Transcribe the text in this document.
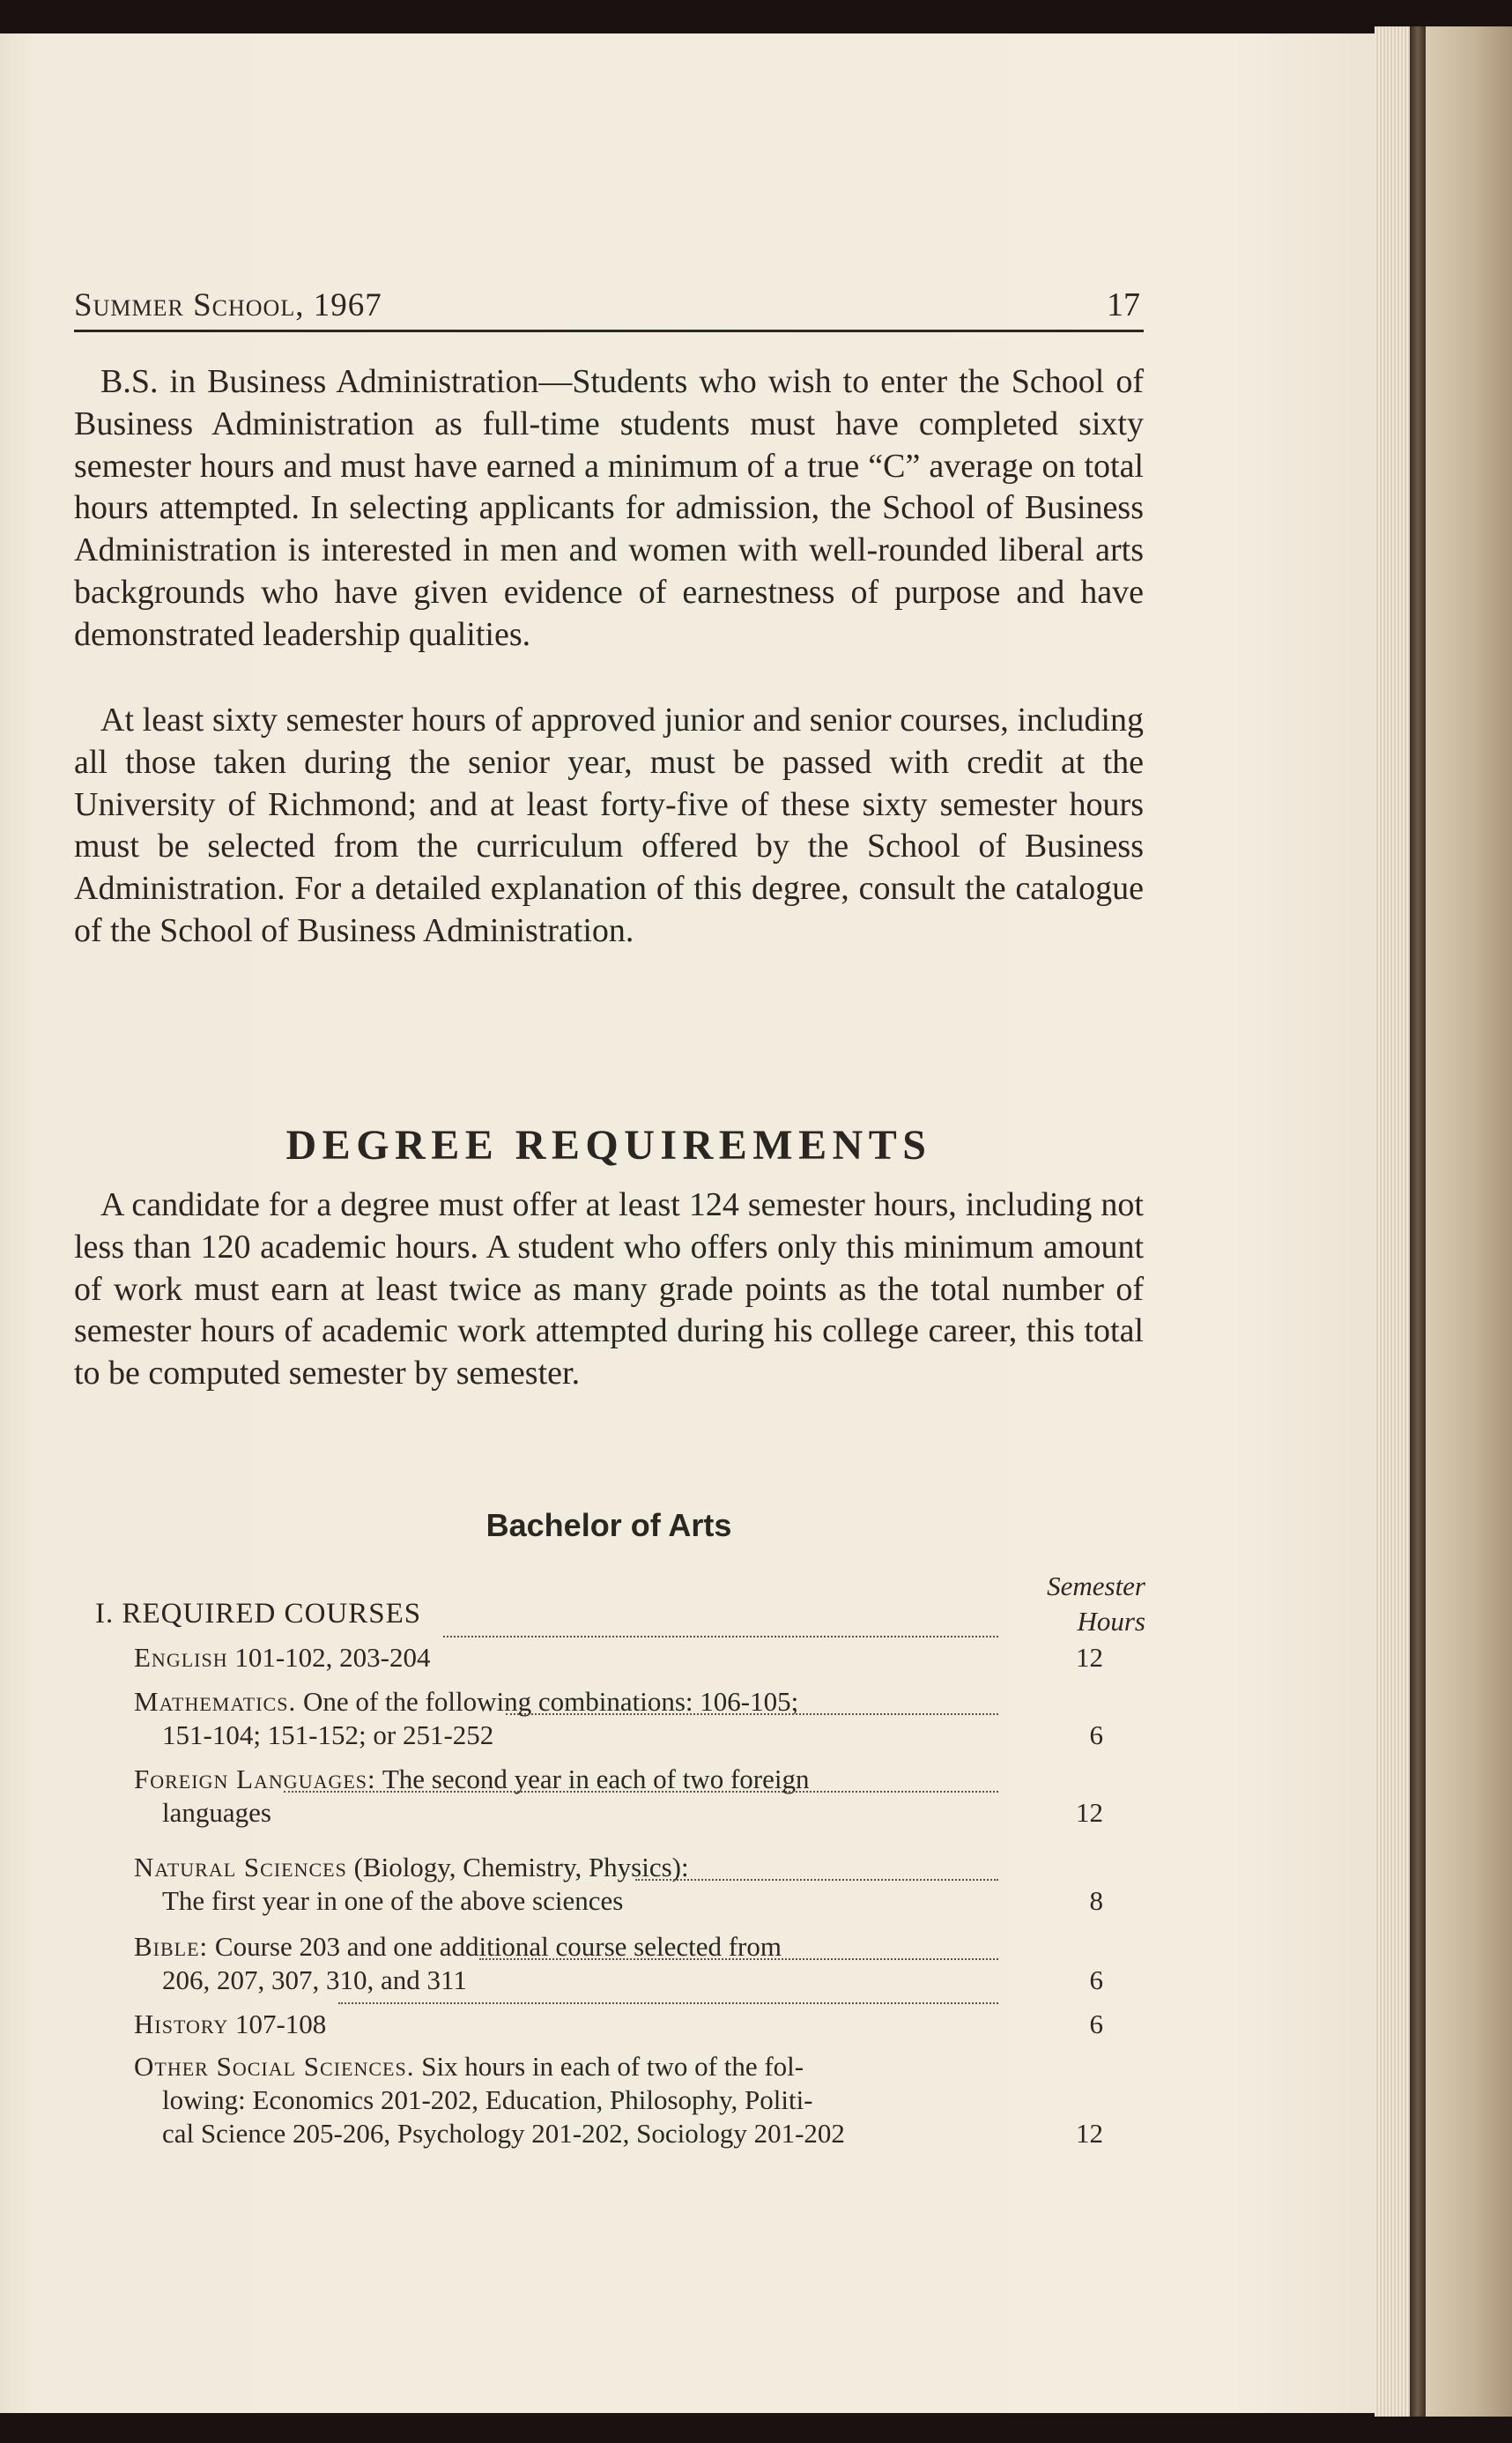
Summer School, 1967	17

B.S. in Business Administration—Students who wish to enter the School of Business Administration as full-time students must have completed sixty semester hours and must have earned a minimum of a true “C” average on total hours attempted. In selecting applicants for admission, the School of Business Administration is interested in men and women with well-rounded liberal arts backgrounds who have given evidence of earnestness of purpose and have demonstrated leadership qualities.

At least sixty semester hours of approved junior and senior courses, including all those taken during the senior year, must be passed with credit at the University of Richmond; and at least forty-five of these sixty semester hours must be selected from the curriculum offered by the School of Business Administration. For a detailed explanation of this degree, consult the catalogue of the School of Business Administration.

DEGREE REQUIREMENTS

A candidate for a degree must offer at least 124 semester hours, including not less than 120 academic hours. A student who offers only this minimum amount of work must earn at least twice as many grade points as the total number of semester hours of academic work attempted during his college career, this total to be computed semester by semester.

Bachelor of Arts
Semester
Hours
I. REQUIRED COURSES
English 101-102, 203-204	12
Mathematics. One of the following combinations: 106-105;
151-104; 151-152; or 251-252	6
Foreign Languages: The second year in each of two foreign
languages	12
Natural Sciences (Biology, Chemistry, Physics):
The first year in one of the above sciences	8
Bible: Course 203 and one additional course selected from
206, 207, 307, 310, and 311	6
History 107-108	6
Other Social Sciences. Six hours in each of two of the fol-
lowing: Economics 201-202, Education, Philosophy, Politi-
cal Science 205-206, Psychology 201-202, Sociology 201-202	12
